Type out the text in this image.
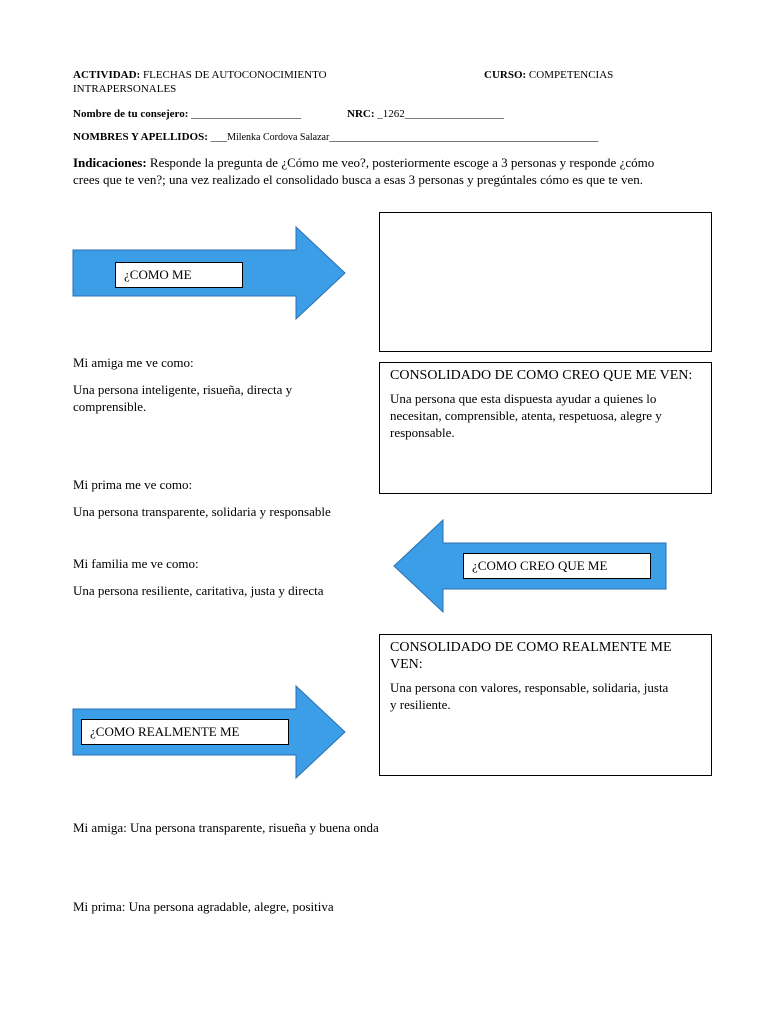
ACTIVIDAD: FLECHAS DE AUTOCONOCIMIENTO
INTRAPERSONALES
CURSO: COMPETENCIAS
Nombre de tu consejero: ____________________	NRC: _1262__________________
NOMBRES Y APELLIDOS: ___Milenka Cordova Salazar_____________________________________________________________
Indicaciones: Responde la pregunta de ¿Cómo me veo?, posteriormente escoge a 3 personas y responde ¿cómo
crees que te ven?; una vez realizado el consolidado busca a esas 3 personas y pregúntales cómo es que te ven.
¿COMO ME
CONSOLIDADO DE COMO CREO QUE ME VEN:
Una persona que esta dispuesta ayudar a quienes lo
necesitan, comprensible, atenta, respetuosa, alegre y
responsable.
Mi amiga me ve como:
Una persona inteligente, risueña, directa y
comprensible.
Mi prima me ve como:
Una persona transparente, solidaria y responsable
Mi familia me ve como:
Una persona resiliente, caritativa, justa y directa
¿COMO CREO QUE ME
CONSOLIDADO DE COMO REALMENTE ME
VEN:
Una persona con valores, responsable, solidaria, justa
y resiliente.
¿COMO REALMENTE ME
Mi amiga: Una persona transparente, risueña y buena onda
Mi prima: Una persona agradable, alegre, positiva
